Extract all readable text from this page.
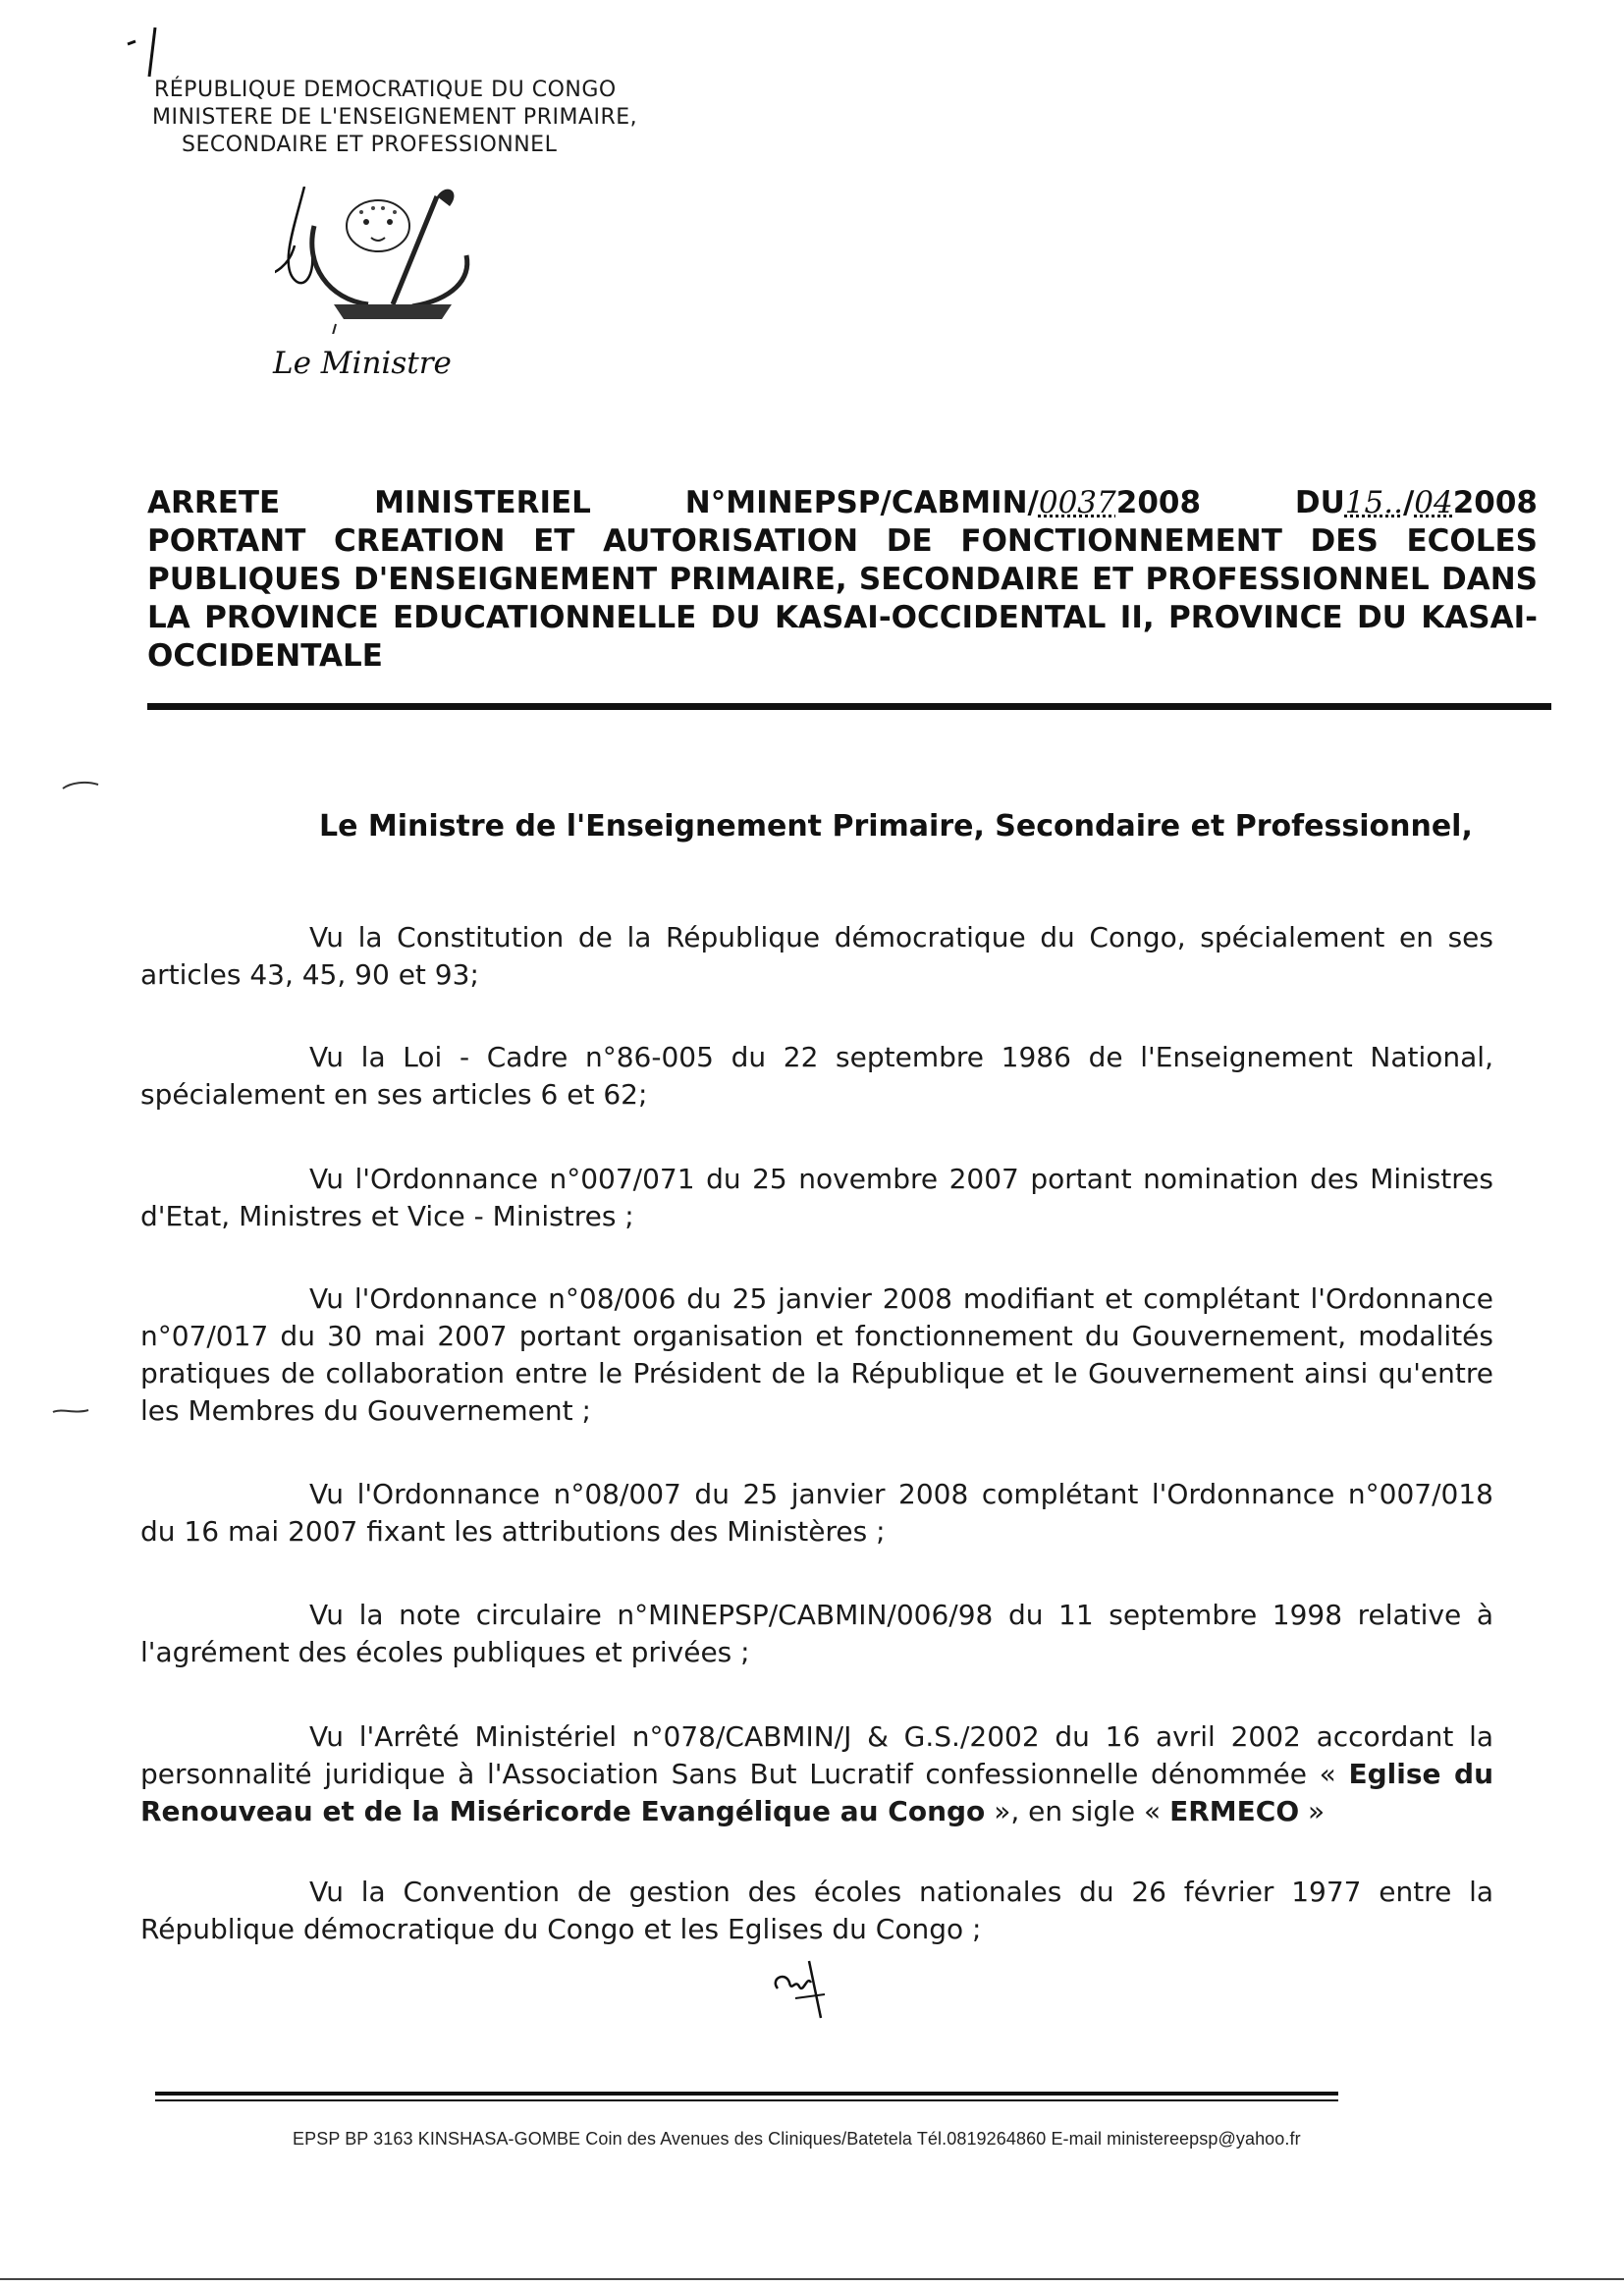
RÉPUBLIQUE DEMOCRATIQUE DU CONGO
MINISTERE DE L'ENSEIGNEMENT PRIMAIRE,
SECONDAIRE ET PROFESSIONNEL
Le Ministre
ARRETE	MINISTERIEL	N°MINEPSP/CABMIN/00372008	DU15../042008
PORTANT CREATION ET AUTORISATION DE FONCTIONNEMENT DES ECOLES
PUBLIQUES D'ENSEIGNEMENT PRIMAIRE, SECONDAIRE ET PROFESSIONNEL DANS
LA PROVINCE EDUCATIONNELLE DU KASAI-OCCIDENTAL II, PROVINCE DU KASAI-
OCCIDENTALE
Le Ministre de l'Enseignement Primaire, Secondaire et Professionnel,

Vu la Constitution de la République démocratique du Congo, spécialement en ses articles 43, 45, 90 et 93;

Vu la Loi - Cadre n°86-005 du 22 septembre 1986 de l'Enseignement National, spécialement en ses articles 6 et 62;

Vu l'Ordonnance n°007/071 du 25 novembre 2007 portant nomination des Ministres d'Etat, Ministres et Vice - Ministres ;

Vu l'Ordonnance n°08/006 du 25 janvier 2008 modifiant et complétant l'Ordonnance n°07/017 du 30 mai 2007 portant organisation et fonctionnement du Gouvernement, modalités pratiques de collaboration entre le Président de la République et le Gouvernement ainsi qu'entre les Membres du Gouvernement ;

Vu l'Ordonnance n°08/007 du 25 janvier 2008 complétant l'Ordonnance n°007/018 du 16 mai 2007 fixant les attributions des Ministères ;

Vu la note circulaire n°MINEPSP/CABMIN/006/98 du 11 septembre 1998 relative à l'agrément des écoles publiques et privées ;

Vu l'Arrêté Ministériel n°078/CABMIN/J & G.S./2002 du 16 avril 2002 accordant la personnalité juridique à l'Association Sans But Lucratif confessionnelle dénommée « Eglise du Renouveau et de la Miséricorde Evangélique au Congo », en sigle « ERMECO »

Vu la Convention de gestion des écoles nationales du 26 février 1977 entre la République démocratique du Congo et les Eglises du Congo ;

EPSP BP 3163 KINSHASA-GOMBE Coin des Avenues des Cliniques/Batetela Tél.0819264860 E-mail ministereepsp@yahoo.fr
